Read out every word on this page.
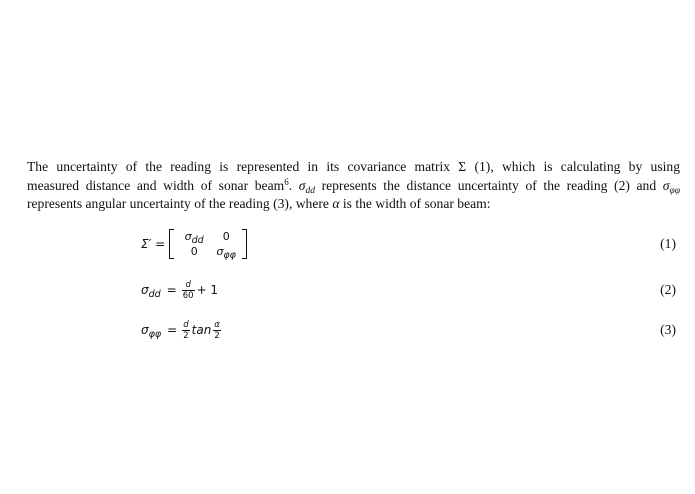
The uncertainty of the reading is represented in its covariance matrix Σ (1), which is calculating by using
measured distance and width of sonar beam$^6$. $\sigma_{dd}$ represents the distance uncertainty of the reading (2) and $\sigma_{\varphi\varphi}$
represents angular uncertainty of the reading (3), where α is the width of sonar beam:
Σ′ =
$\sigma_{dd}$	0
0	$\sigma_{\varphi\varphi}$
(1)
$\sigma_{dd} = \frac{d}{60} + 1$	(2)
$\sigma_{\varphi\varphi} = \frac{d}{2}$ $\tan \frac{\alpha}{2}$	(3)
